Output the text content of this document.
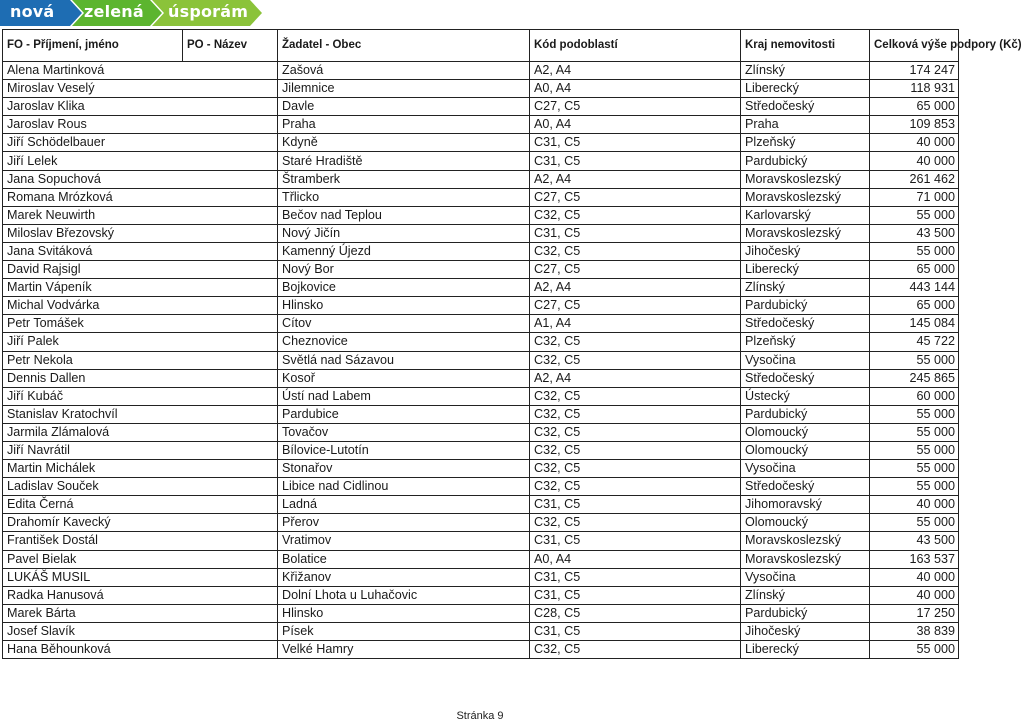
nová zelená úsporám
FO - Příjmení, jméno	PO - Název	Žadatel - Obec	Kód podoblastí	Kraj nemovitosti	Celková výše podpory (Kč)
Alena Martinková		Zašová	A2, A4	Zlínský	174 247
Miroslav Veselý		Jilemnice	A0, A4	Liberecký	118 931
Jaroslav Klika		Davle	C27, C5	Středočeský	65 000
Jaroslav Rous		Praha	A0, A4	Praha	109 853
Jiří Schödelbauer		Kdyně	C31, C5	Plzeňský	40 000
Jiří Lelek		Staré Hradiště	C31, C5	Pardubický	40 000
Jana Sopuchová		Štramberk	A2, A4	Moravskoslezský	261 462
Romana Mrózková		Třlicko	C27, C5	Moravskoslezský	71 000
Marek Neuwirth		Bečov nad Teplou	C32, C5	Karlovarský	55 000
Miloslav Březovský		Nový Jičín	C31, C5	Moravskoslezský	43 500
Jana Svitáková		Kamenný Újezd	C32, C5	Jihočeský	55 000
David Rajsigl		Nový Bor	C27, C5	Liberecký	65 000
Martin Vápeník		Bojkovice	A2, A4	Zlínský	443 144
Michal Vodvárka		Hlinsko	C27, C5	Pardubický	65 000
Petr Tomášek		Cítov	A1, A4	Středočeský	145 084
Jiří Palek		Cheznovice	C32, C5	Plzeňský	45 722
Petr Nekola		Světlá nad Sázavou	C32, C5	Vysočina	55 000
Dennis Dallen		Kosoř	A2, A4	Středočeský	245 865
Jiří Kubáč		Ústí nad Labem	C32, C5	Ústecký	60 000
Stanislav Kratochvíl		Pardubice	C32, C5	Pardubický	55 000
Jarmila Zlámalová		Tovačov	C32, C5	Olomoucký	55 000
Jiří Navrátil		Bílovice-Lutotín	C32, C5	Olomoucký	55 000
Martin Michálek		Stonařov	C32, C5	Vysočina	55 000
Ladislav Souček		Libice nad Cidlinou	C32, C5	Středočeský	55 000
Edita Černá		Ladná	C31, C5	Jihomoravský	40 000
Drahomír Kavecký		Přerov	C32, C5	Olomoucký	55 000
František Dostál		Vratimov	C31, C5	Moravskoslezský	43 500
Pavel Bielak		Bolatice	A0, A4	Moravskoslezský	163 537
LUKÁŠ MUSIL		Křižanov	C31, C5	Vysočina	40 000
Radka Hanusová		Dolní Lhota u Luhačovic	C31, C5	Zlínský	40 000
Marek Bárta		Hlinsko	C28, C5	Pardubický	17 250
Josef Slavík		Písek	C31, C5	Jihočeský	38 839
Hana Běhounková		Velké Hamry	C32, C5	Liberecký	55 000
Stránka 9
